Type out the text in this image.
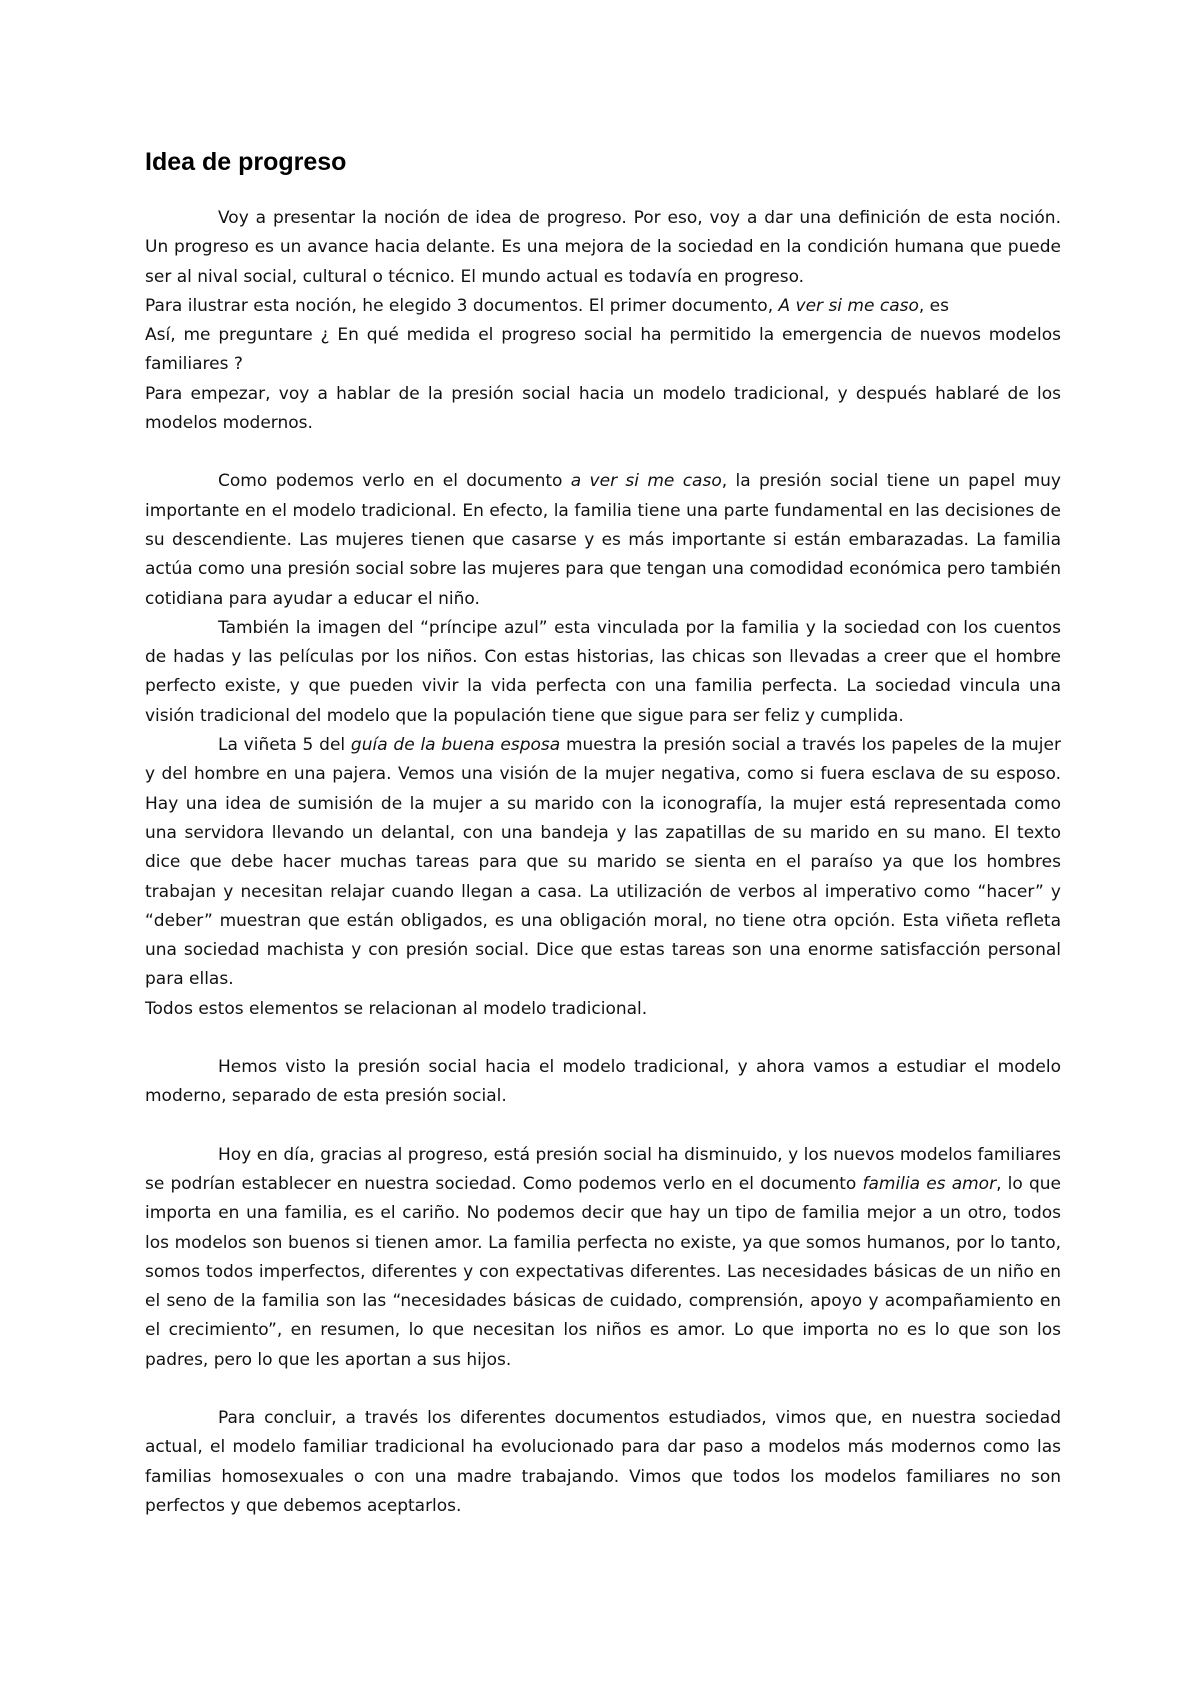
Idea de progreso

Voy a presentar la noción de idea de progreso. Por eso, voy a dar una definición de esta noción. Un progreso es un avance hacia delante. Es una mejora de la sociedad en la condición humana que puede ser al nival social, cultural o técnico. El mundo actual es todavía en progreso.

Para ilustrar esta noción, he elegido 3 documentos. El primer documento, A ver si me caso, es

Así, me preguntare ¿ En qué medida el progreso social ha permitido la emergencia de nuevos modelos familiares ?

Para empezar, voy a hablar de la presión social hacia un modelo tradicional, y después hablaré de los modelos modernos.

Como podemos verlo en el documento a ver si me caso, la presión social tiene un papel muy importante en el modelo tradicional. En efecto, la familia tiene una parte fundamental en las decisiones de su descendiente. Las mujeres tienen que casarse y es más importante si están embarazadas. La familia actúa como una presión social sobre las mujeres para que tengan una comodidad económica pero también cotidiana para ayudar a educar el niño.

También la imagen del “príncipe azul” esta vinculada por la familia y la sociedad con los cuentos de hadas y las películas por los niños. Con estas historias, las chicas son llevadas a creer que el hombre perfecto existe, y que pueden vivir la vida perfecta con una familia perfecta. La sociedad vincula una visión tradicional del modelo que la populación tiene que sigue para ser feliz y cumplida.

La viñeta 5 del guía de la buena esposa muestra la presión social a través los papeles de la mujer y del hombre en una pajera. Vemos una visión de la mujer negativa, como si fuera esclava de su esposo. Hay una idea de sumisión de la mujer a su marido con la iconografía, la mujer está representada como una servidora llevando un delantal, con una bandeja y las zapatillas de su marido en su mano. El texto dice que debe hacer muchas tareas para que su marido se sienta en el paraíso ya que los hombres trabajan y necesitan relajar cuando llegan a casa. La utilización de verbos al imperativo como “hacer” y “deber” muestran que están obligados, es una obligación moral, no tiene otra opción. Esta viñeta refleta una sociedad machista y con presión social. Dice que estas tareas son una enorme satisfacción personal para ellas.

Todos estos elementos se relacionan al modelo tradicional.

Hemos visto la presión social hacia el modelo tradicional, y ahora vamos a estudiar el modelo moderno, separado de esta presión social.

Hoy en día, gracias al progreso, está presión social ha disminuido, y los nuevos modelos familiares se podrían establecer en nuestra sociedad. Como podemos verlo en el documento familia es amor, lo que importa en una familia, es el cariño. No podemos decir que hay un tipo de familia mejor a un otro, todos los modelos son buenos si tienen amor. La familia perfecta no existe, ya que somos humanos, por lo tanto, somos todos imperfectos, diferentes y con expectativas diferentes. Las necesidades básicas de un niño en el seno de la familia son las “necesidades básicas de cuidado, comprensión, apoyo y acompañamiento en el crecimiento”, en resumen, lo que necesitan los niños es amor. Lo que importa no es lo que son los padres, pero lo que les aportan a sus hijos.

Para concluir, a través los diferentes documentos estudiados, vimos que, en nuestra sociedad actual, el modelo familiar tradicional ha evolucionado para dar paso a modelos más modernos como las familias homosexuales o con una madre trabajando. Vimos que todos los modelos familiares no son perfectos y que debemos aceptarlos.
